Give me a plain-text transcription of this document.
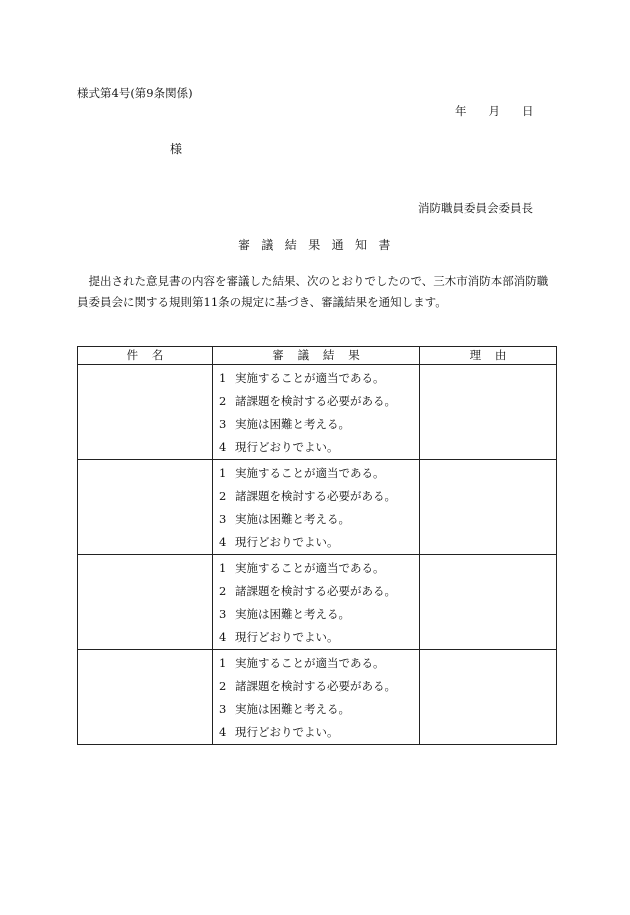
様式第4号(第9条関係)
年 月 日
様
消防職員委員会委員長
審議結果通知書
　提出された意見書の内容を審議した結果、次のとおりでしたので、三木市消防本部消防職員委員会に関する規則第11条の規定に基づき、審議結果を通知します。
件名	審議結果	理由

	1 実施することが適当である。
2 諸課題を検討する必要がある。
3 実施は困難と考える。
4 現行どおりでよい。	

	1 実施することが適当である。
2 諸課題を検討する必要がある。
3 実施は困難と考える。
4 現行どおりでよい。	

	1 実施することが適当である。
2 諸課題を検討する必要がある。
3 実施は困難と考える。
4 現行どおりでよい。	

	1 実施することが適当である。
2 諸課題を検討する必要がある。
3 実施は困難と考える。
4 現行どおりでよい。	
